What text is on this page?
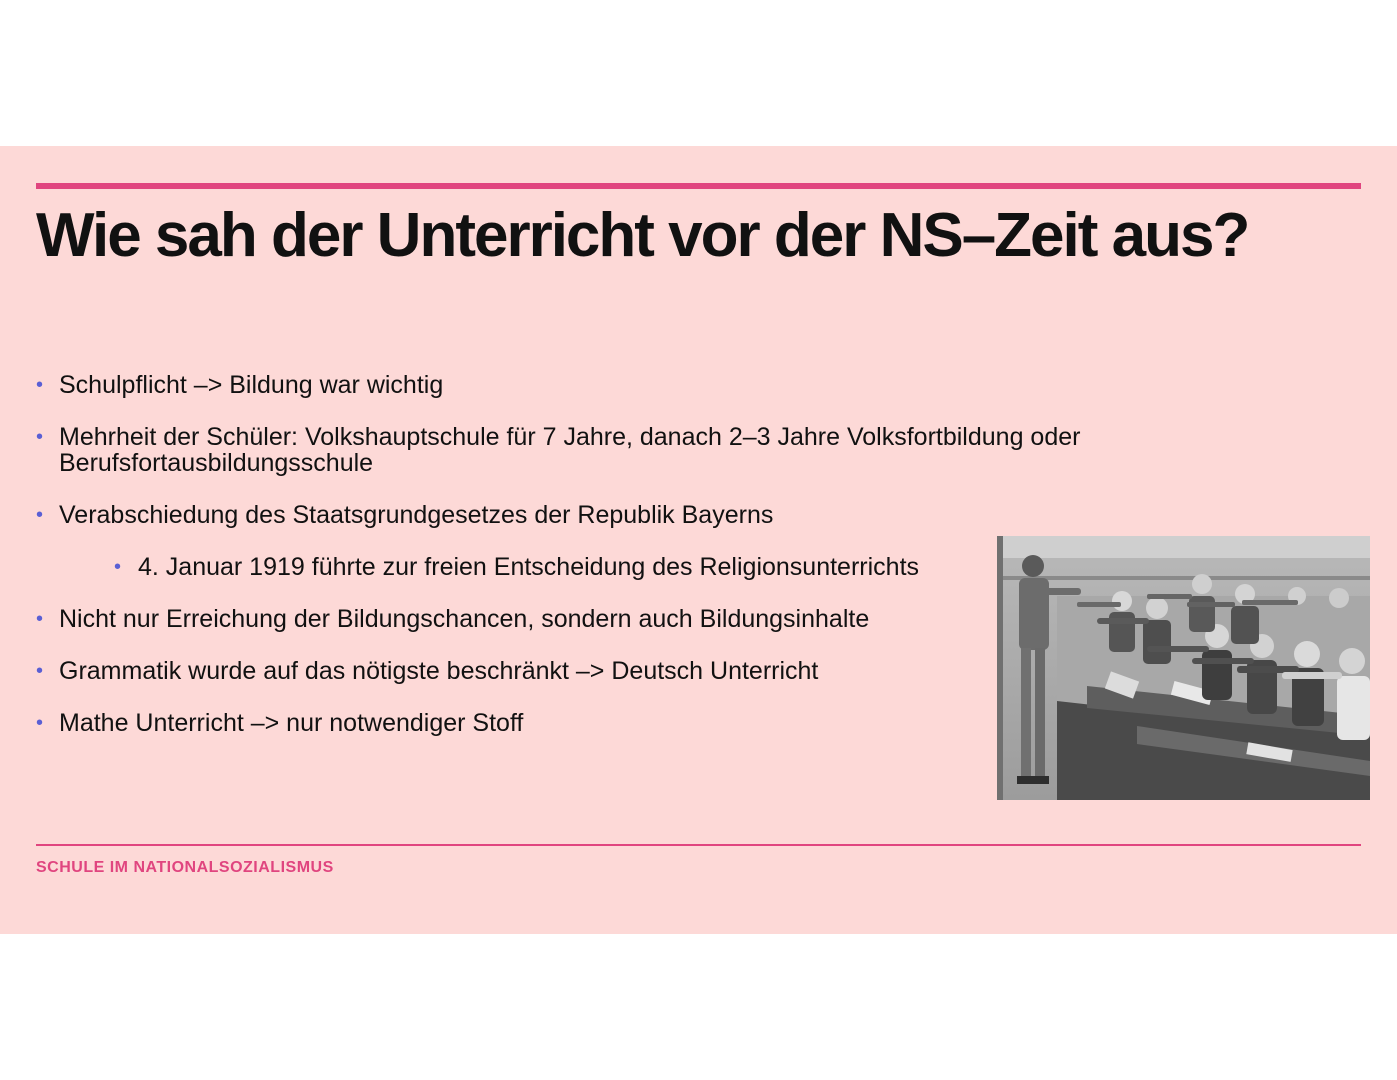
Wie sah der Unterricht vor der NS–Zeit aus?
• Schulpflicht –> Bildung war wichtig
• Mehrheit der Schüler: Volkshauptschule für 7 Jahre, danach 2–3 Jahre Volksfortbildung oder Berufsfortausbildungsschule
• Verabschiedung des Staatsgrundgesetzes der Republik Bayerns
• 4. Januar 1919 führte zur freien Entscheidung des Religionsunterrichts
• Nicht nur Erreichung der Bildungschancen, sondern auch Bildungsinhalte
• Grammatik wurde auf das nötigste beschränkt –> Deutsch Unterricht
• Mathe Unterricht –> nur notwendiger Stoff
SCHULE IM NATIONALSOZIALISMUS
